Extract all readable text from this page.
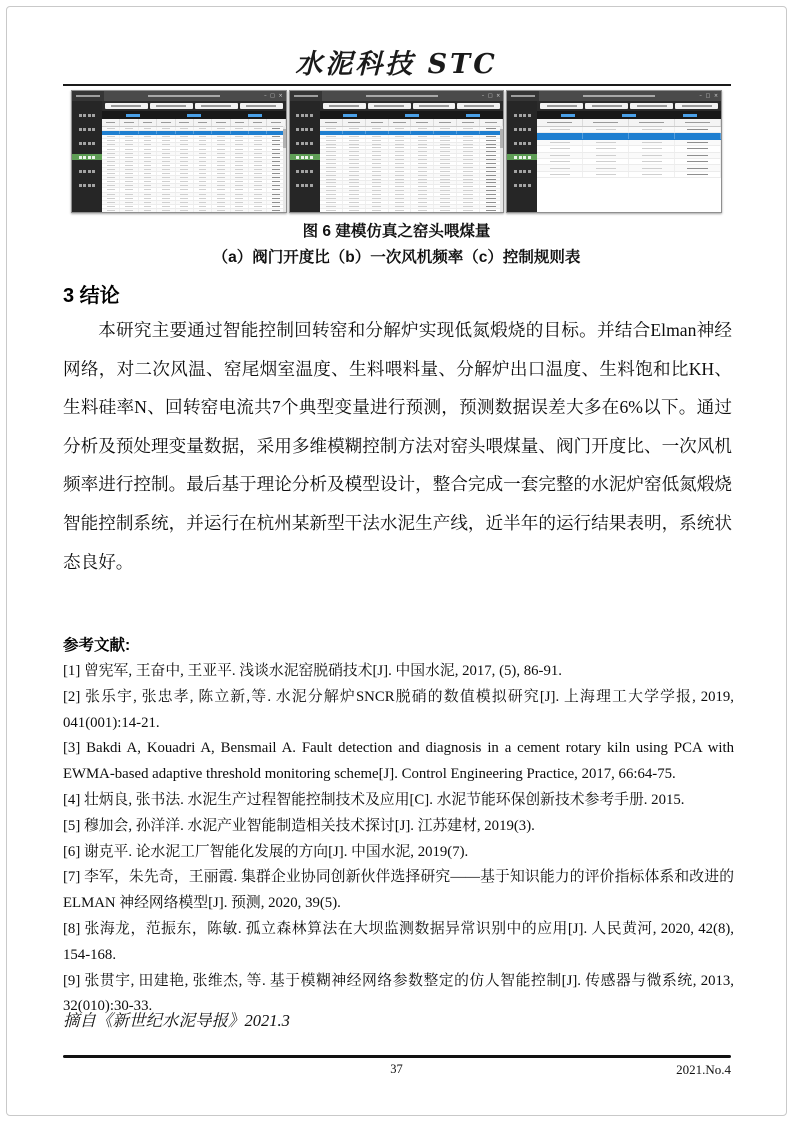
水泥科技 STC
– □ ×	– □ ×	– □ ×
图 6 建模仿真之窑头喂煤量
（a）阀门开度比（b）一次风机频率（c）控制规则表
3 结论
本研究主要通过智能控制回转窑和分解炉实现低氮煅烧的目标。并结合Elman神经网络，对二次风温、窑尾烟室温度、生料喂料量、分解炉出口温度、生料饱和比KH、生料硅率N、回转窑电流共7个典型变量进行预测，预测数据误差大多在6%以下。通过分析及预处理变量数据，采用多维模糊控制方法对窑头喂煤量、阀门开度比、一次风机频率进行控制。最后基于理论分析及模型设计，整合完成一套完整的水泥炉窑低氮煅烧智能控制系统，并运行在杭州某新型干法水泥生产线，近半年的运行结果表明，系统状态良好。
参考文献:
[1] 曾宪军, 王奋中, 王亚平. 浅谈水泥窑脱硝技术[J]. 中国水泥, 2017, (5), 86-91.
[2] 张乐宇, 张忠孝, 陈立新,等. 水泥分解炉SNCR脱硝的数值模拟研究[J]. 上海理工大学学报, 2019, 041(001):14-21.
[3] Bakdi A, Kouadri A, Bensmail A. Fault detection and diagnosis in a cement rotary kiln using PCA with EWMA-based adaptive threshold monitoring scheme[J]. Control Engineering Practice, 2017, 66:64-75.
[4] 壮炳良, 张书法. 水泥生产过程智能控制技术及应用[C]. 水泥节能环保创新技术参考手册. 2015.
[5] 穆加会, 孙洋洋. 水泥产业智能制造相关技术探讨[J]. 江苏建材, 2019(3).
[6] 谢克平. 论水泥工厂智能化发展的方向[J]. 中国水泥, 2019(7).
[7] 李军，朱先奇，王丽霞. 集群企业协同创新伙伴选择研究——基于知识能力的评价指标体系和改进的ELMAN 神经网络模型[J]. 预测, 2020, 39(5).
[8] 张海龙，范振东，陈敏. 孤立森林算法在大坝监测数据异常识别中的应用[J]. 人民黄河, 2020, 42(8), 154-168.
[9] 张贯宇, 田建艳, 张维杰, 等. 基于模糊神经网络参数整定的仿人智能控制[J]. 传感器与微系统, 2013, 32(010):30-33.
摘自《新世纪水泥导报》2021.3
37	2021.No.4
